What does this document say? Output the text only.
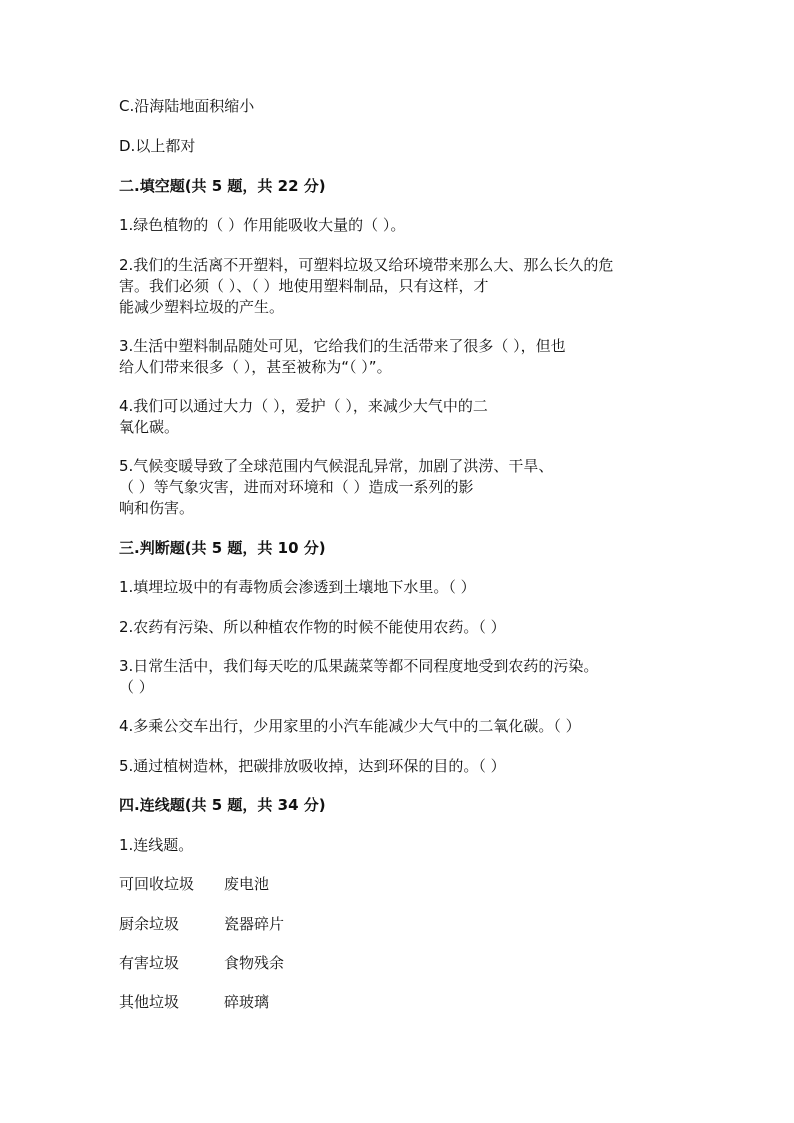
C.沿海陆地面积缩小
D.以上都对
二.填空题(共 5 题，共 22 分)
1.绿色植物的（ ）作用能吸收大量的（ ）。
2.我们的生活离不开塑料，可塑料垃圾又给环境带来那么大、那么长久的危
害。我们必须（ ）、（ ）地使用塑料制品，只有这样，才
能减少塑料垃圾的产生。
3.生活中塑料制品随处可见，它给我们的生活带来了很多（ ），但也
给人们带来很多（ ），甚至被称为“（ ）”。
4.我们可以通过大力（ ），爱护（ ），来减少大气中的二
氧化碳。
5.气候变暖导致了全球范围内气候混乱异常，加剧了洪涝、干旱、
（ ）等气象灾害，进而对环境和（ ）造成一系列的影
响和伤害。
三.判断题(共 5 题，共 10 分)
1.填埋垃圾中的有毒物质会渗透到土壤地下水里。（ ）
2.农药有污染、所以种植农作物的时候不能使用农药。（ ）
3.日常生活中，我们每天吃的瓜果蔬菜等都不同程度地受到农药的污染。
（ ）
4.多乘公交车出行，少用家里的小汽车能减少大气中的二氧化碳。（ ）
5.通过植树造林，把碳排放吸收掉，达到环保的目的。（ ）
四.连线题(共 5 题，共 34 分)
1.连线题。
可回收垃圾 废电池
厨余垃圾	瓷器碎片
有害垃圾	食物残余
其他垃圾	碎玻璃
